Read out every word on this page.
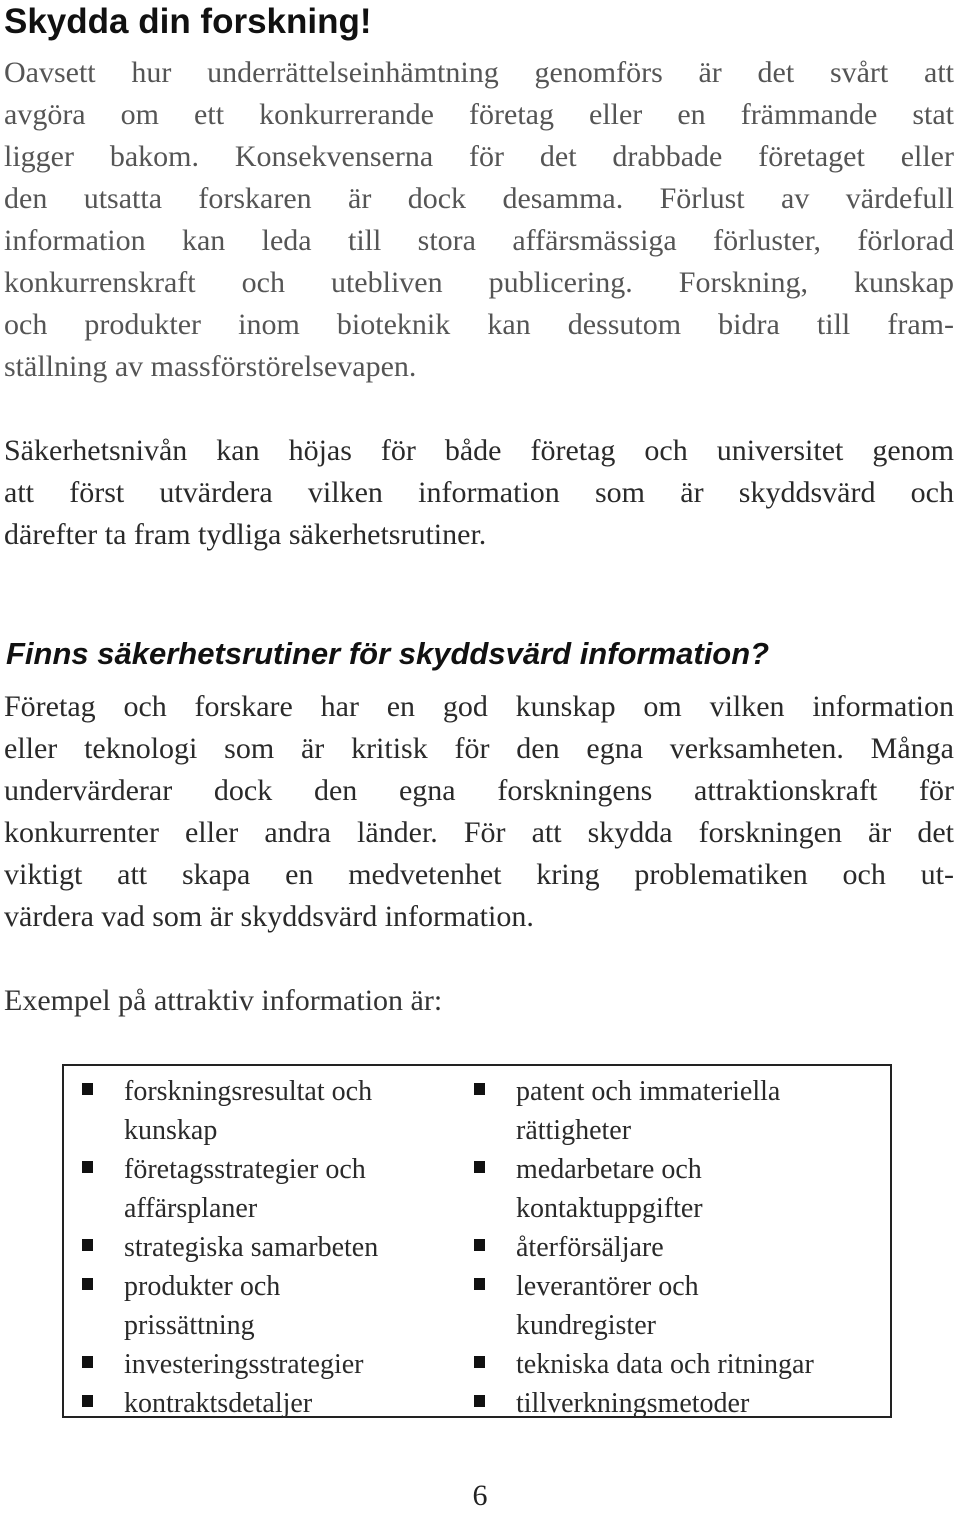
Skydda din forskning!
Oavsett hur underrättelseinhämtning genomförs är det svårt att
avgöra om ett konkurrerande företag eller en främmande stat
ligger bakom. Konsekvenserna för det drabbade företaget eller
den utsatta forskaren är dock desamma. Förlust av värdefull
information kan leda till stora affärsmässiga förluster, förlorad
konkurrenskraft och utebliven publicering. Forskning, kunskap
och produkter inom bioteknik kan dessutom bidra till fram-
ställning av massförstörelsevapen.
Säkerhetsnivån kan höjas för både företag och universitet genom
att först utvärdera vilken information som är skyddsvärd och
därefter ta fram tydliga säkerhetsrutiner.
Finns säkerhetsrutiner för skyddsvärd information?
Företag och forskare har en god kunskap om vilken information
eller teknologi som är kritisk för den egna verksamheten. Många
undervärderar dock den egna forskningens attraktionskraft för
konkurrenter eller andra länder. För att skydda forskningen är det
viktigt att skapa en medvetenhet kring problematiken och ut-
värdera vad som är skyddsvärd information.

Exempel på attraktiv information är:

forskningsresultat och
kunskap
företagsstrategier och
affärsplaner
strategiska samarbeten
produkter och
prissättning
investeringsstrategier
kontraktsdetaljer
patent och immateriella
rättigheter
medarbetare och
kontaktuppgifter
återförsäljare
leverantörer och
kundregister
tekniska data och ritningar
tillverkningsmetoder

6
